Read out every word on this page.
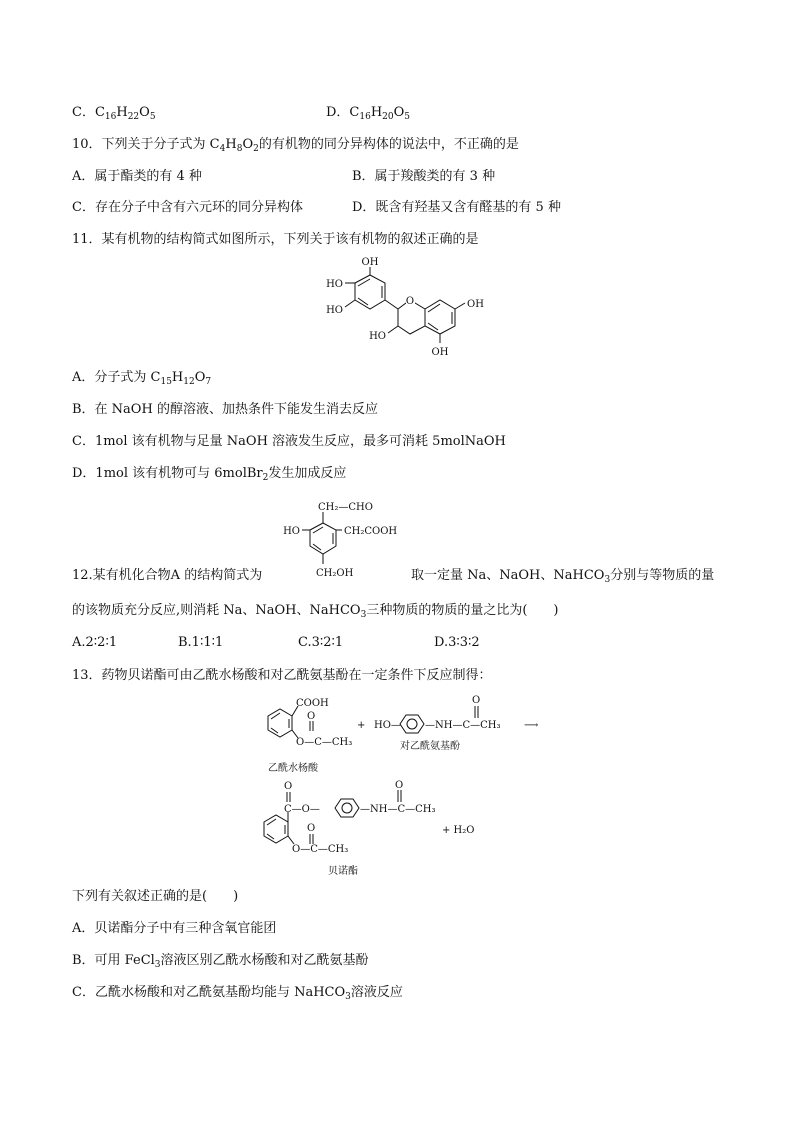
C．$C_{16}H_{22}O_5$	D．$C_{16}H_{20}O_5$
10．下列关于分子式为 $C_4H_8O_2$的有机物的同分异构体的说法中，不正确的是
A．属于酯类的有 4 种	B．属于羧酸类的有 3 种
C．存在分子中含有六元环的同分异构体	D．既含有羟基又含有醛基的有 5 种
11．某有机物的结构简式如图所示，下列关于该有机物的叙述正确的是
O
OH
HO
HO
OH
HO
OH
A．分子式为 $C_{15}H_{12}O_7$
B．在 NaOH 的醇溶液、加热条件下能发生消去反应
C．1mol 该有机物与足量 NaOH 溶液发生反应，最多可消耗 5molNaOH
D．1mol 该有机物可与 6molBr$_2$发生加成反应
CH₂—CHO
HO	CH₂COOH
CH₂OH
12.某有机化合物A 的结构简式为	取一定量 Na、NaOH、NaHCO$_3$分别与等物质的量
的该物质充分反应,则消耗 Na、NaOH、NaHCO$_3$三种物质的物质的量之比为(　　)
A.2∶2∶1	B.1∶1∶1	C.3∶2∶1	D.3∶3∶2
13．药物贝诺酯可由乙酰水杨酸和对乙酰氨基酚在一定条件下反应制得：
COOH
O
O—C—CH₃
乙酰水杨酸
+ HO—
O
—NH—C—CH₃
对乙酰氨基酚
⟶
O
C—O—
O
—NH—C—CH₃
O
O—C—CH₃
+ H₂O
贝诺酯
下列有关叙述正确的是(　　)
A．贝诺酯分子中有三种含氧官能团
B．可用 FeCl$_3$溶液区别乙酰水杨酸和对乙酰氨基酚
C．乙酰水杨酸和对乙酰氨基酚均能与 NaHCO$_3$溶液反应
